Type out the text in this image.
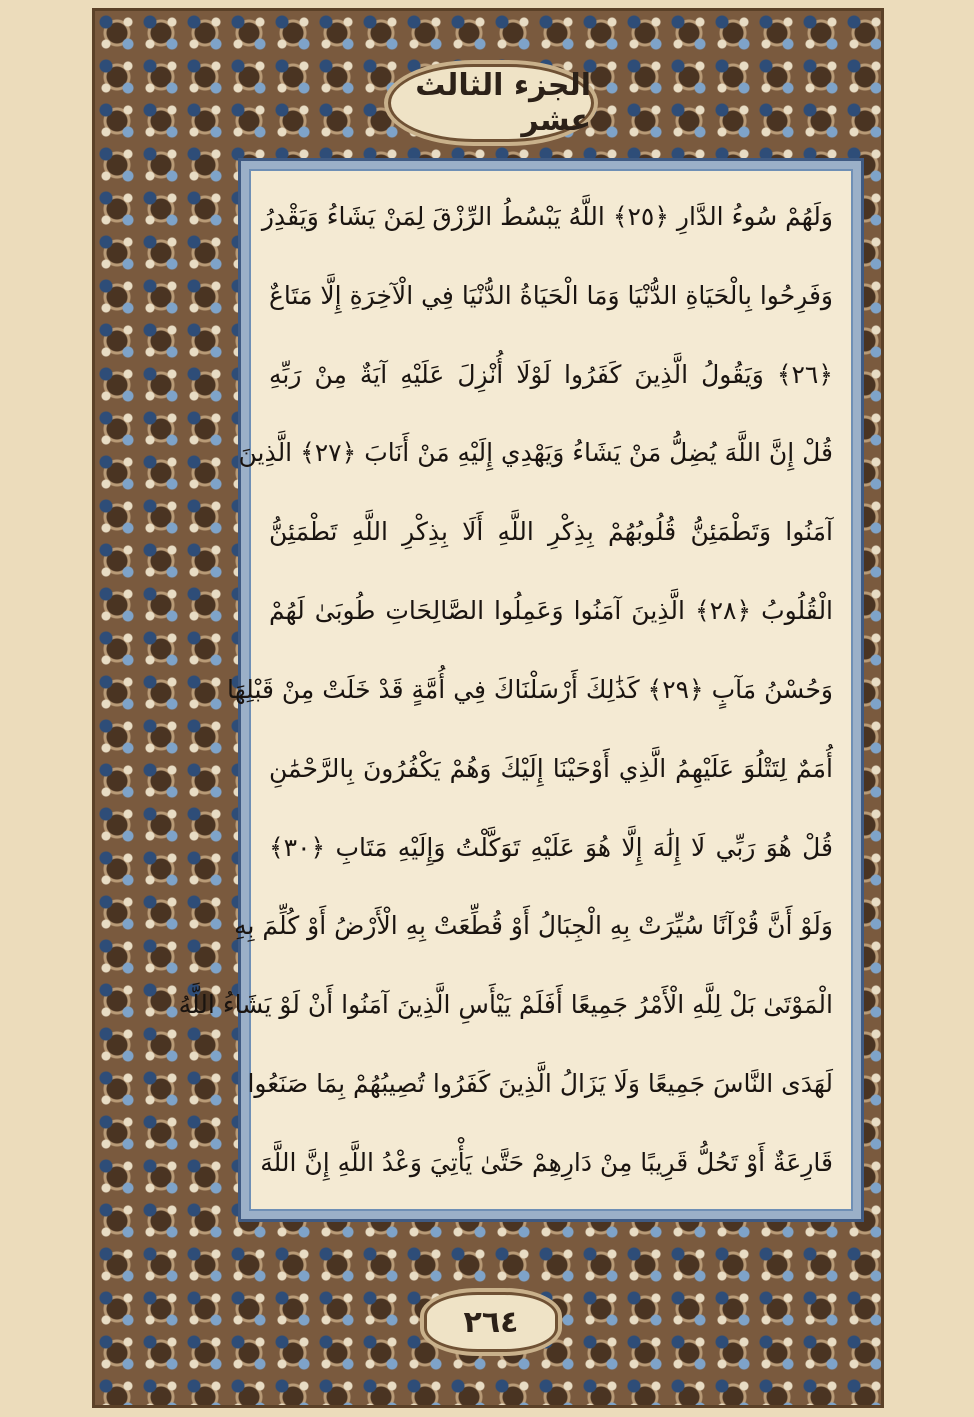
الجزء الثالث عشر
وَلَهُمْ سُوءُ الدَّارِ ﴿٢٥﴾ اللَّهُ يَبْسُطُ الرِّزْقَ لِمَنْ يَشَاءُ وَيَقْدِرُ
وَفَرِحُوا بِالْحَيَاةِ الدُّنْيَا وَمَا الْحَيَاةُ الدُّنْيَا فِي الْآخِرَةِ إِلَّا مَتَاعٌ
﴿٢٦﴾ وَيَقُولُ الَّذِينَ كَفَرُوا لَوْلَا أُنْزِلَ عَلَيْهِ آيَةٌ مِنْ رَبِّهِ
قُلْ إِنَّ اللَّهَ يُضِلُّ مَنْ يَشَاءُ وَيَهْدِي إِلَيْهِ مَنْ أَنَابَ ﴿٢٧﴾ الَّذِينَ
آمَنُوا وَتَطْمَئِنُّ قُلُوبُهُمْ بِذِكْرِ اللَّهِ أَلَا بِذِكْرِ اللَّهِ تَطْمَئِنُّ
الْقُلُوبُ ﴿٢٨﴾ الَّذِينَ آمَنُوا وَعَمِلُوا الصَّالِحَاتِ طُوبَىٰ لَهُمْ
وَحُسْنُ مَآبٍ ﴿٢٩﴾ كَذَٰلِكَ أَرْسَلْنَاكَ فِي أُمَّةٍ قَدْ خَلَتْ مِنْ قَبْلِهَا
أُمَمٌ لِتَتْلُوَ عَلَيْهِمُ الَّذِي أَوْحَيْنَا إِلَيْكَ وَهُمْ يَكْفُرُونَ بِالرَّحْمَٰنِ
قُلْ هُوَ رَبِّي لَا إِلَٰهَ إِلَّا هُوَ عَلَيْهِ تَوَكَّلْتُ وَإِلَيْهِ مَتَابِ ﴿٣٠﴾
وَلَوْ أَنَّ قُرْآنًا سُيِّرَتْ بِهِ الْجِبَالُ أَوْ قُطِّعَتْ بِهِ الْأَرْضُ أَوْ كُلِّمَ بِهِ
الْمَوْتَىٰ بَلْ لِلَّهِ الْأَمْرُ جَمِيعًا أَفَلَمْ يَيْأَسِ الَّذِينَ آمَنُوا أَنْ لَوْ يَشَاءُ اللَّهُ
لَهَدَى النَّاسَ جَمِيعًا وَلَا يَزَالُ الَّذِينَ كَفَرُوا تُصِيبُهُمْ بِمَا صَنَعُوا
قَارِعَةٌ أَوْ تَحُلُّ قَرِيبًا مِنْ دَارِهِمْ حَتَّىٰ يَأْتِيَ وَعْدُ اللَّهِ إِنَّ اللَّهَ
٢٦٤
